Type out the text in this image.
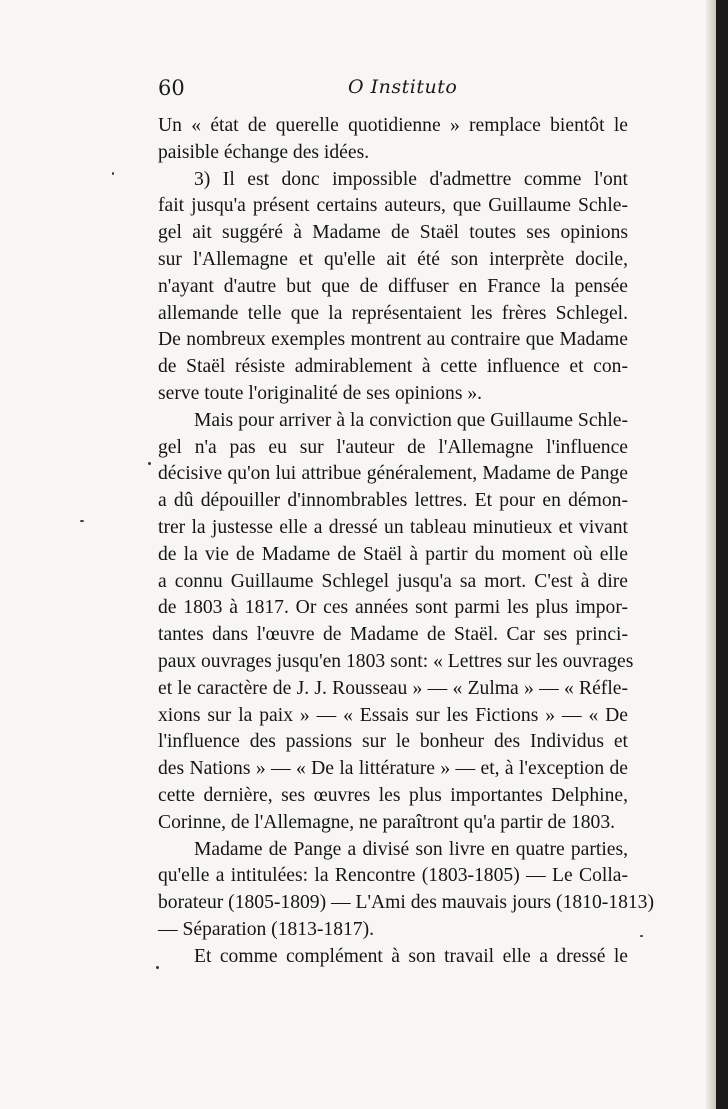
60	O Instituto
Un « état de querelle quotidienne » remplace bientôt le
paisible échange des idées.
3) Il est donc impossible d'admettre comme l'ont
fait jusqu'a présent certains auteurs, que Guillaume Schle-
gel ait suggéré à Madame de Staël toutes ses opinions
sur l'Allemagne et qu'elle ait été son interprète docile,
n'ayant d'autre but que de diffuser en France la pensée
allemande telle que la représentaient les frères Schlegel.
De nombreux exemples montrent au contraire que Madame
de Staël résiste admirablement à cette influence et con-
serve toute l'originalité de ses opinions ».
Mais pour arriver à la conviction que Guillaume Schle-
gel n'a pas eu sur l'auteur de l'Allemagne l'influence
décisive qu'on lui attribue généralement, Madame de Pange
a dû dépouiller d'innombrables lettres. Et pour en démon-
trer la justesse elle a dressé un tableau minutieux et vivant
de la vie de Madame de Staël à partir du moment où elle
a connu Guillaume Schlegel jusqu'a sa mort. C'est à dire
de 1803 à 1817. Or ces années sont parmi les plus impor-
tantes dans l'œuvre de Madame de Staël. Car ses princi-
paux ouvrages jusqu'en 1803 sont: « Lettres sur les ouvrages
et le caractère de J. J. Rousseau » — « Zulma » — « Réfle-
xions sur la paix » — « Essais sur les Fictions » — « De
l'influence des passions sur le bonheur des Individus et
des Nations » — « De la littérature » — et, à l'exception de
cette dernière, ses œuvres les plus importantes Delphine,
Corinne, de l'Allemagne, ne paraîtront qu'a partir de 1803.
Madame de Pange a divisé son livre en quatre parties,
qu'elle a intitulées: la Rencontre (1803-1805) — Le Colla-
borateur (1805-1809) — L'Ami des mauvais jours (1810-1813)
— Séparation (1813-1817).
Et comme complément à son travail elle a dressé le
